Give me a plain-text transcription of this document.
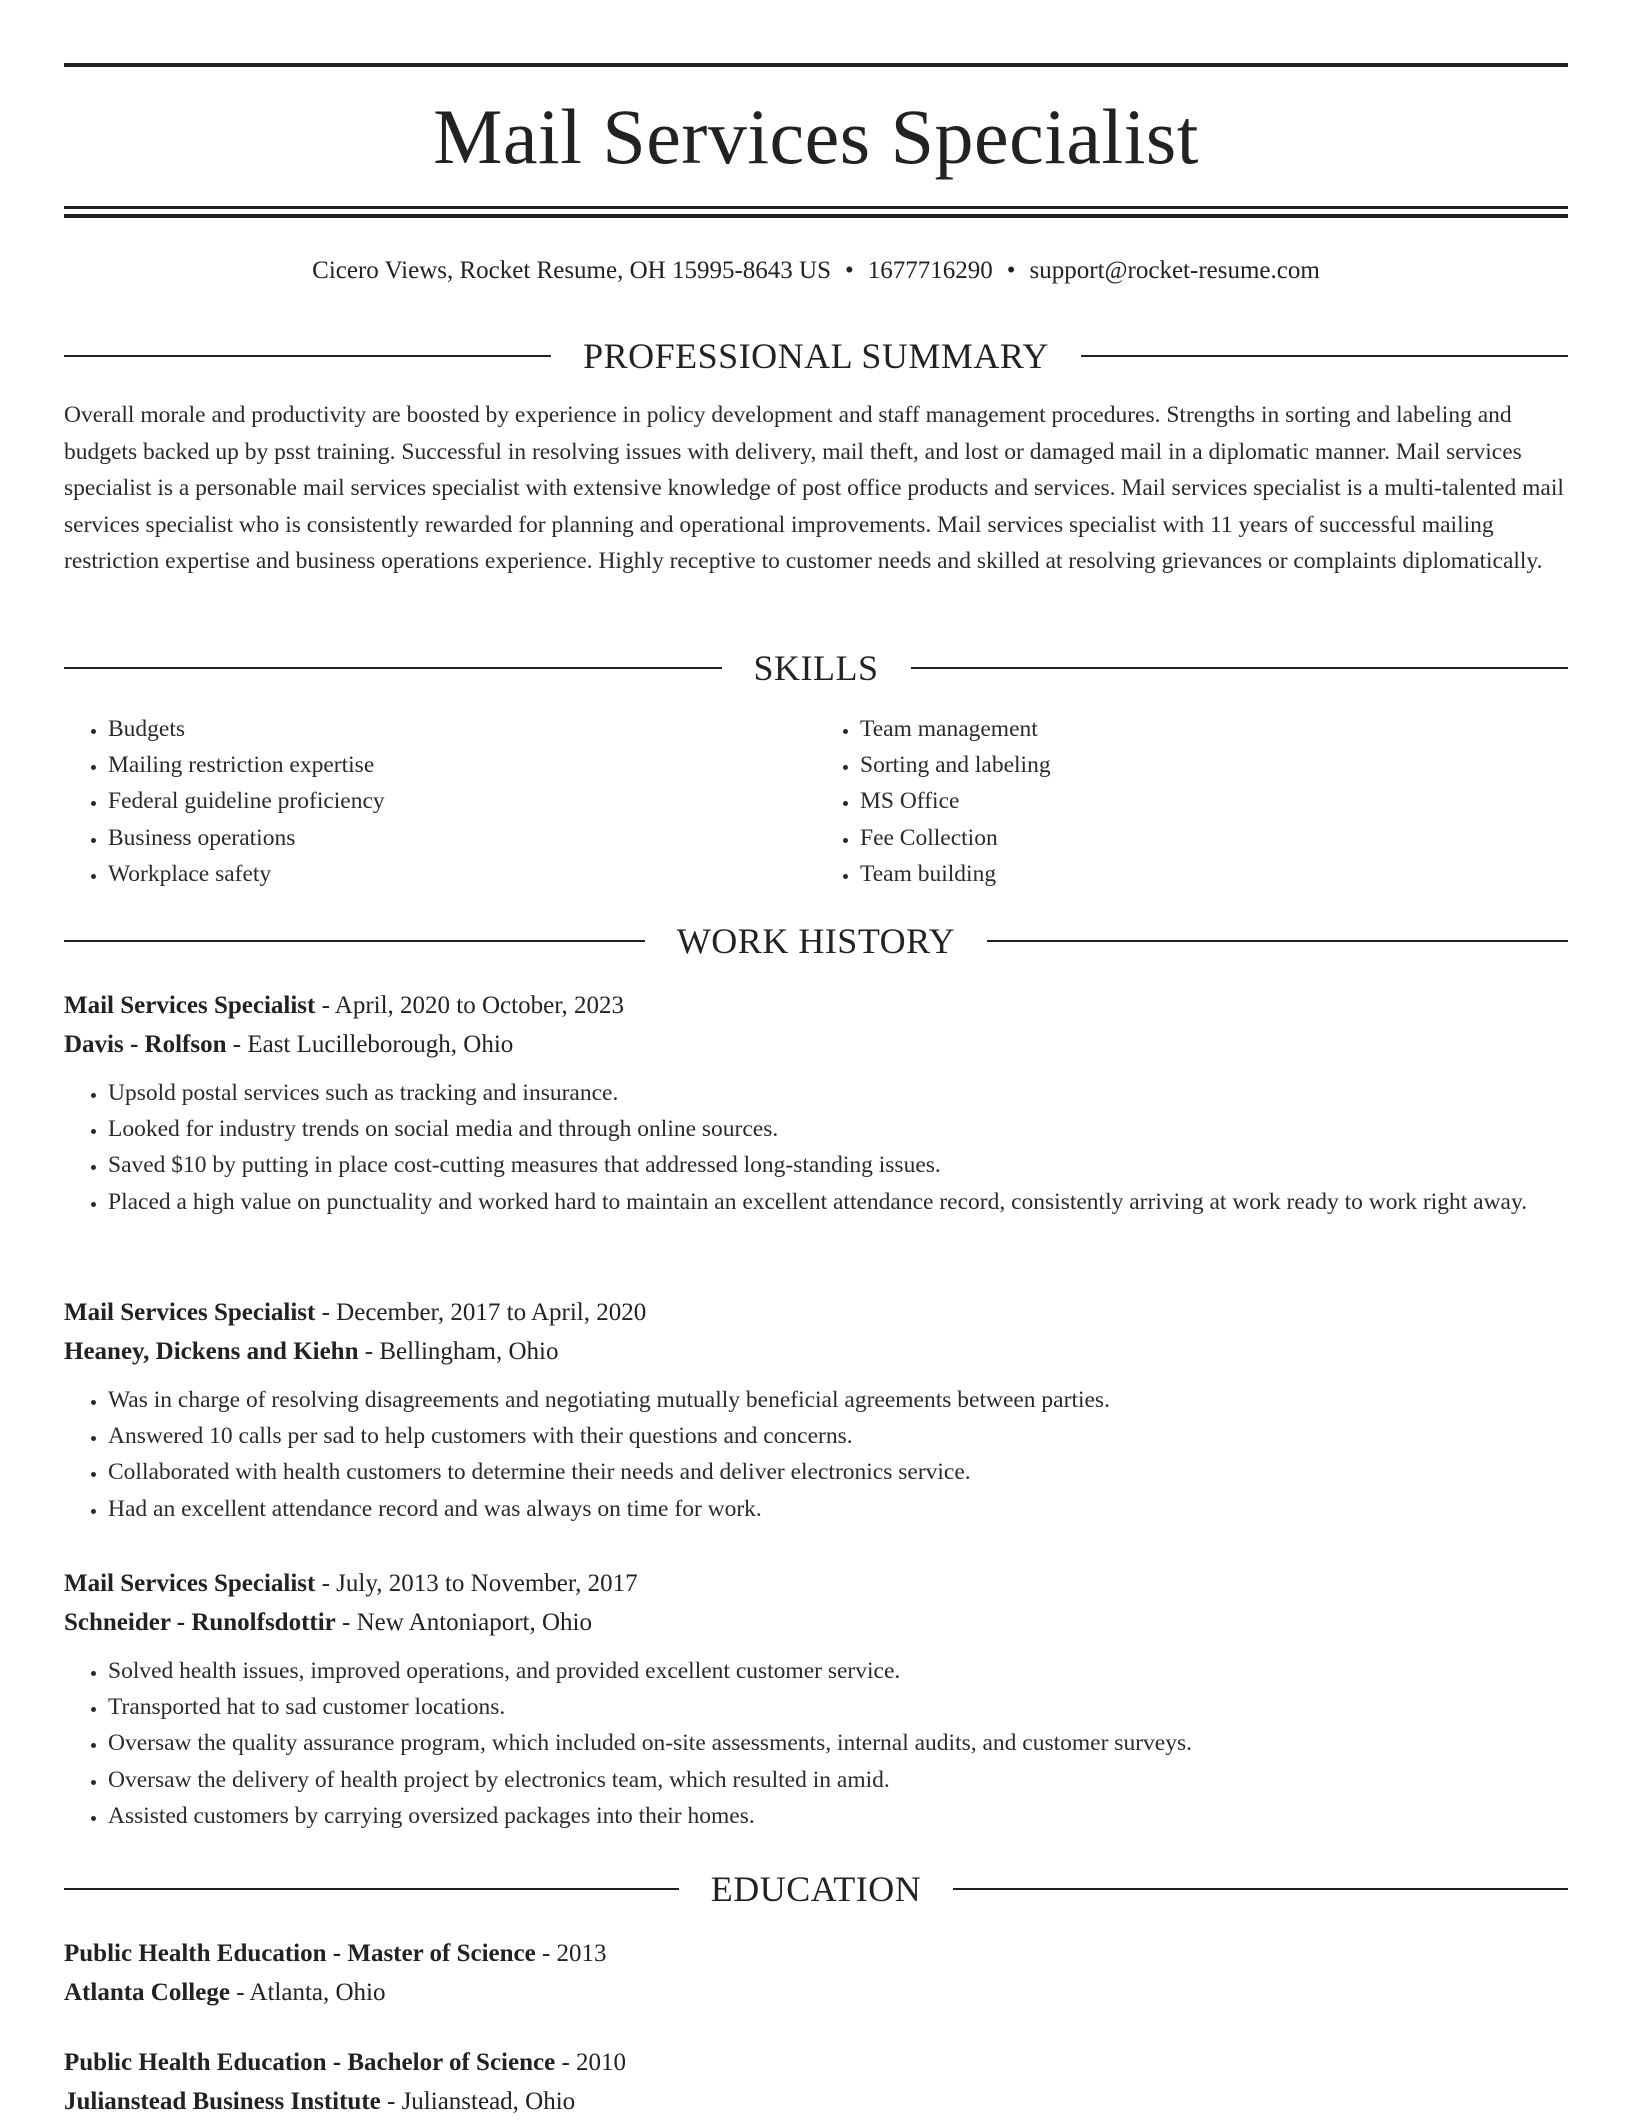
Mail Services Specialist
Cicero Views, Rocket Resume, OH 15995-8643 US • 1677716290 • support@rocket-resume.com
PROFESSIONAL SUMMARY
Overall morale and productivity are boosted by experience in policy development and staff management procedures. Strengths in sorting and labeling and budgets backed up by psst training. Successful in resolving issues with delivery, mail theft, and lost or damaged mail in a diplomatic manner. Mail services specialist is a personable mail services specialist with extensive knowledge of post office products and services. Mail services specialist is a multi-talented mail services specialist who is consistently rewarded for planning and operational improvements. Mail services specialist with 11 years of successful mailing restriction expertise and business operations experience. Highly receptive to customer needs and skilled at resolving grievances or complaints diplomatically.
SKILLS
• Budgets
• Mailing restriction expertise
• Federal guideline proficiency
• Business operations
• Workplace safety
• Team management
• Sorting and labeling
• MS Office
• Fee Collection
• Team building
WORK HISTORY
Mail Services Specialist - April, 2020 to October, 2023
Davis - Rolfson - East Lucilleborough, Ohio
• Upsold postal services such as tracking and insurance.
• Looked for industry trends on social media and through online sources.
• Saved $10 by putting in place cost-cutting measures that addressed long-standing issues.
• Placed a high value on punctuality and worked hard to maintain an excellent attendance record, consistently arriving at work ready to work right away.
Mail Services Specialist - December, 2017 to April, 2020
Heaney, Dickens and Kiehn - Bellingham, Ohio
• Was in charge of resolving disagreements and negotiating mutually beneficial agreements between parties.
• Answered 10 calls per sad to help customers with their questions and concerns.
• Collaborated with health customers to determine their needs and deliver electronics service.
• Had an excellent attendance record and was always on time for work.
Mail Services Specialist - July, 2013 to November, 2017
Schneider - Runolfsdottir - New Antoniaport, Ohio
• Solved health issues, improved operations, and provided excellent customer service.
• Transported hat to sad customer locations.
• Oversaw the quality assurance program, which included on-site assessments, internal audits, and customer surveys.
• Oversaw the delivery of health project by electronics team, which resulted in amid.
• Assisted customers by carrying oversized packages into their homes.
EDUCATION
Public Health Education - Master of Science - 2013
Atlanta College - Atlanta, Ohio
Public Health Education - Bachelor of Science - 2010
Julianstead Business Institute - Julianstead, Ohio
